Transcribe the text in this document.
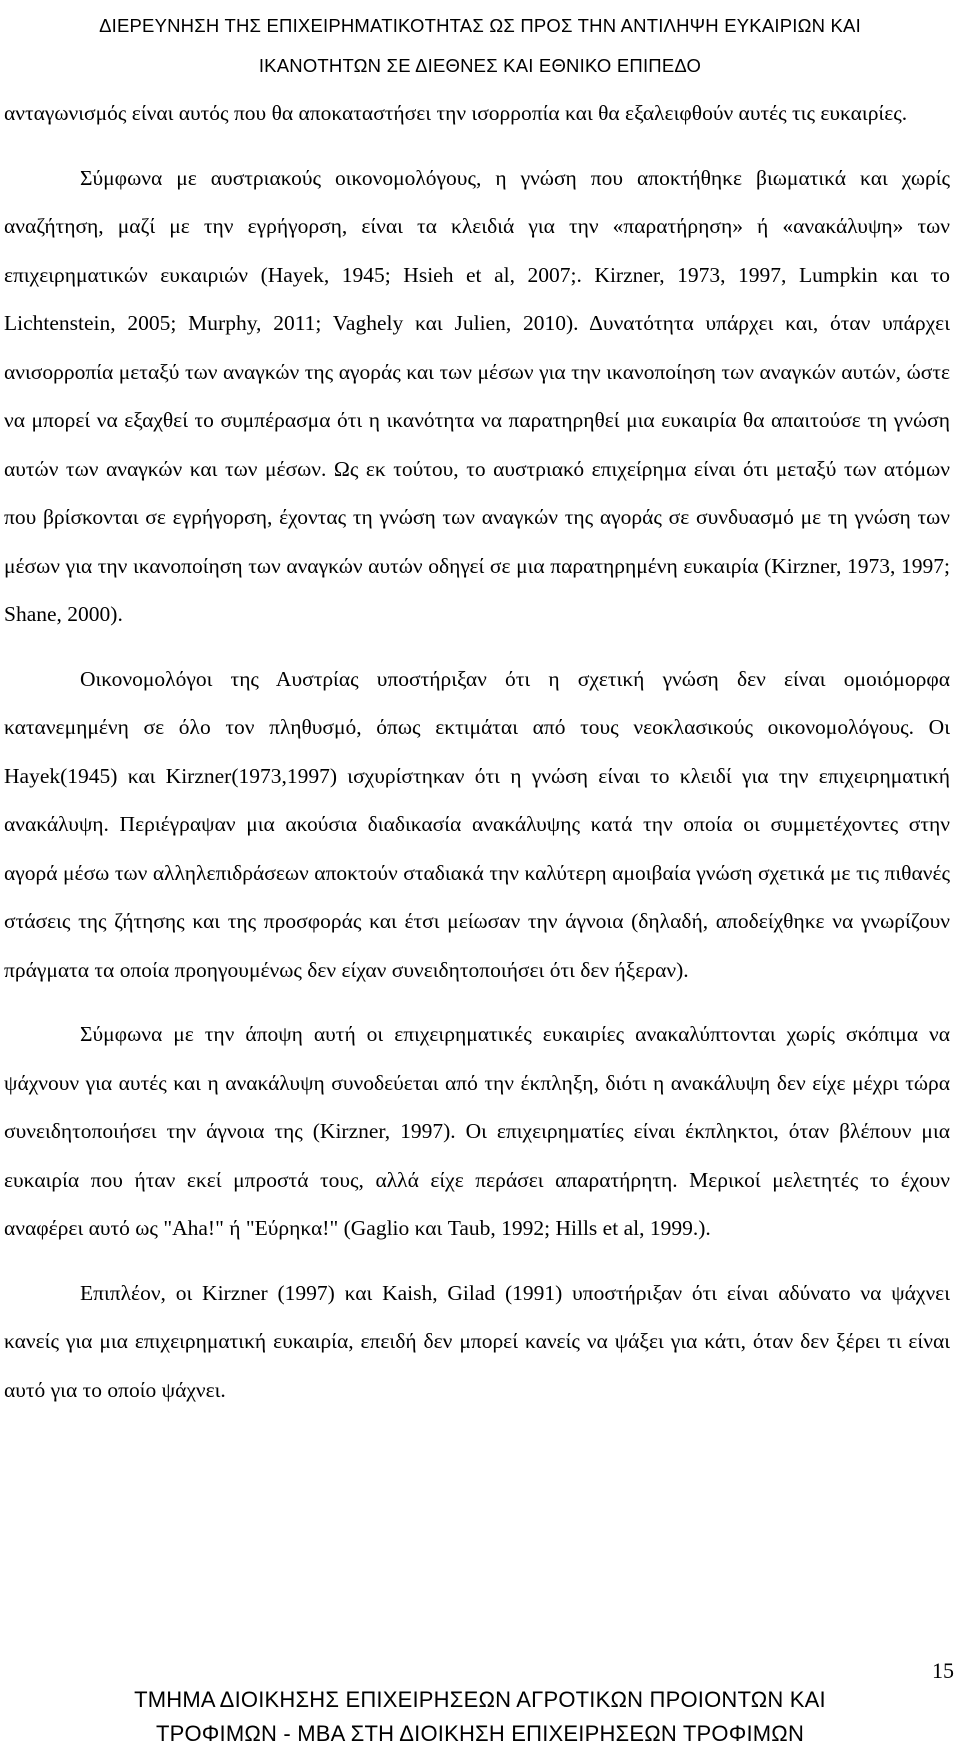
ΔΙΕΡΕΥΝΗΣΗ ΤΗΣ ΕΠΙΧΕΙΡΗΜΑΤΙΚΟΤΗΤΑΣ ΩΣ ΠΡΟΣ ΤΗΝ ΑΝΤΙΛΗΨΗ ΕΥΚΑΙΡΙΩΝ ΚΑΙ
ΙΚΑΝΟΤΗΤΩΝ ΣΕ ΔΙΕΘΝΕΣ ΚΑΙ ΕΘΝΙΚΟ ΕΠΙΠΕΔΟ

ανταγωνισμός είναι αυτός που θα αποκαταστήσει την ισορροπία και θα εξαλειφθούν αυτές τις ευκαιρίες.

Σύμφωνα με αυστριακούς οικονομολόγους, η γνώση που αποκτήθηκε βιωματικά και χωρίς αναζήτηση, μαζί με την εγρήγορση, είναι τα κλειδιά για την «παρατήρηση» ή «ανακάλυψη» των επιχειρηματικών ευκαιριών (Hayek, 1945; Hsieh et al, 2007;. Kirzner, 1973, 1997, Lumpkin και το Lichtenstein, 2005; Murphy, 2011; Vaghely και Julien, 2010). Δυνατότητα υπάρχει και, όταν υπάρχει ανισορροπία μεταξύ των αναγκών της αγοράς και των μέσων για την ικανοποίηση των αναγκών αυτών, ώστε να μπορεί να εξαχθεί το συμπέρασμα ότι η ικανότητα να παρατηρηθεί μια ευκαιρία θα απαιτούσε τη γνώση αυτών των αναγκών και των μέσων. Ως εκ τούτου, το αυστριακό επιχείρημα είναι ότι μεταξύ των ατόμων που βρίσκονται σε εγρήγορση, έχοντας τη γνώση των αναγκών της αγοράς σε συνδυασμό με τη γνώση των μέσων για την ικανοποίηση των αναγκών αυτών οδηγεί σε μια παρατηρημένη ευκαιρία (Kirzner, 1973, 1997; Shane, 2000).

Οικονομολόγοι της Αυστρίας υποστήριξαν ότι η σχετική γνώση δεν είναι ομοιόμορφα κατανεμημένη σε όλο τον πληθυσμό, όπως εκτιμάται από τους νεοκλασικούς οικονομολόγους. Οι Hayek(1945) και Kirzner(1973,1997) ισχυρίστηκαν ότι η γνώση είναι το κλειδί για την επιχειρηματική ανακάλυψη. Περιέγραψαν μια ακούσια διαδικασία ανακάλυψης κατά την οποία οι συμμετέχοντες στην αγορά μέσω των αλληλεπιδράσεων αποκτούν σταδιακά την καλύτερη αμοιβαία γνώση σχετικά με τις πιθανές στάσεις της ζήτησης και της προσφοράς και έτσι μείωσαν την άγνοια (δηλαδή, αποδείχθηκε να γνωρίζουν πράγματα τα οποία προηγουμένως δεν είχαν συνειδητοποιήσει ότι δεν ήξεραν).

Σύμφωνα με την άποψη αυτή οι επιχειρηματικές ευκαιρίες ανακαλύπτονται χωρίς σκόπιμα να ψάχνουν για αυτές και η ανακάλυψη συνοδεύεται από την έκπληξη, διότι η ανακάλυψη δεν είχε μέχρι τώρα συνειδητοποιήσει την άγνοια της (Kirzner, 1997). Οι επιχειρηματίες είναι έκπληκτοι, όταν βλέπουν μια ευκαιρία που ήταν εκεί μπροστά τους, αλλά είχε περάσει απαρατήρητη. Μερικοί μελετητές το έχουν αναφέρει αυτό ως "Aha!" ή "Εύρηκα!" (Gaglio και Taub, 1992; Hills et al, 1999.).

Επιπλέον, οι Kirzner (1997) και Kaish, Gilad (1991) υποστήριξαν ότι είναι αδύνατο να ψάχνει κανείς για μια επιχειρηματική ευκαιρία, επειδή δεν μπορεί κανείς να ψάξει για κάτι, όταν δεν ξέρει τι είναι αυτό για το οποίο ψάχνει.

15
ΤΜΗΜΑ ΔΙΟΙΚΗΣΗΣ ΕΠΙΧΕΙΡΗΣΕΩΝ ΑΓΡΟΤΙΚΩΝ ΠΡΟΙΟΝΤΩΝ ΚΑΙ
ΤΡΟΦΙΜΩΝ - ΜΒΑ ΣΤΗ ΔΙΟΙΚΗΣΗ ΕΠΙΧΕΙΡΗΣΕΩΝ ΤΡΟΦΙΜΩΝ
